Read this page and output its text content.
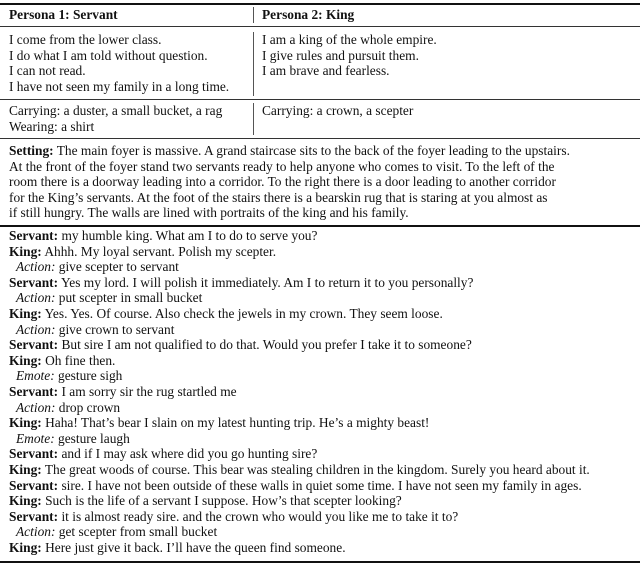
Persona 1: Servant	Persona 2: King
I come from the lower class.
I do what I am told without question.
I can not read.
I have not seen my family in a long time.
I am a king of the whole empire.
I give rules and pursuit them.
I am brave and fearless.
Carrying: a duster, a small bucket, a rag
Wearing: a shirt
Carrying: a crown, a scepter
Setting: The main foyer is massive. A grand staircase sits to the back of the foyer leading to the upstairs.
At the front of the foyer stand two servants ready to help anyone who comes to visit. To the left of the
room there is a doorway leading into a corridor. To the right there is a door leading to another corridor
for the King’s servants. At the foot of the stairs there is a bearskin rug that is staring at you almost as
if still hungry. The walls are lined with portraits of the king and his family.
Servant: my humble king. What am I to do to serve you?
King: Ahhh. My loyal servant. Polish my scepter.
Action: give scepter to servant
Servant: Yes my lord. I will polish it immediately. Am I to return it to you personally?
Action: put scepter in small bucket
King: Yes. Yes. Of course. Also check the jewels in my crown. They seem loose.
Action: give crown to servant
Servant: But sire I am not qualified to do that. Would you prefer I take it to someone?
King: Oh fine then.
Emote: gesture sigh
Servant: I am sorry sir the rug startled me
Action: drop crown
King: Haha! That’s bear I slain on my latest hunting trip. He’s a mighty beast!
Emote: gesture laugh
Servant: and if I may ask where did you go hunting sire?
King: The great woods of course. This bear was stealing children in the kingdom. Surely you heard about it.
Servant: sire. I have not been outside of these walls in quiet some time. I have not seen my family in ages.
King: Such is the life of a servant I suppose. How’s that scepter looking?
Servant: it is almost ready sire. and the crown who would you like me to take it to?
Action: get scepter from small bucket
King: Here just give it back. I’ll have the queen find someone.
